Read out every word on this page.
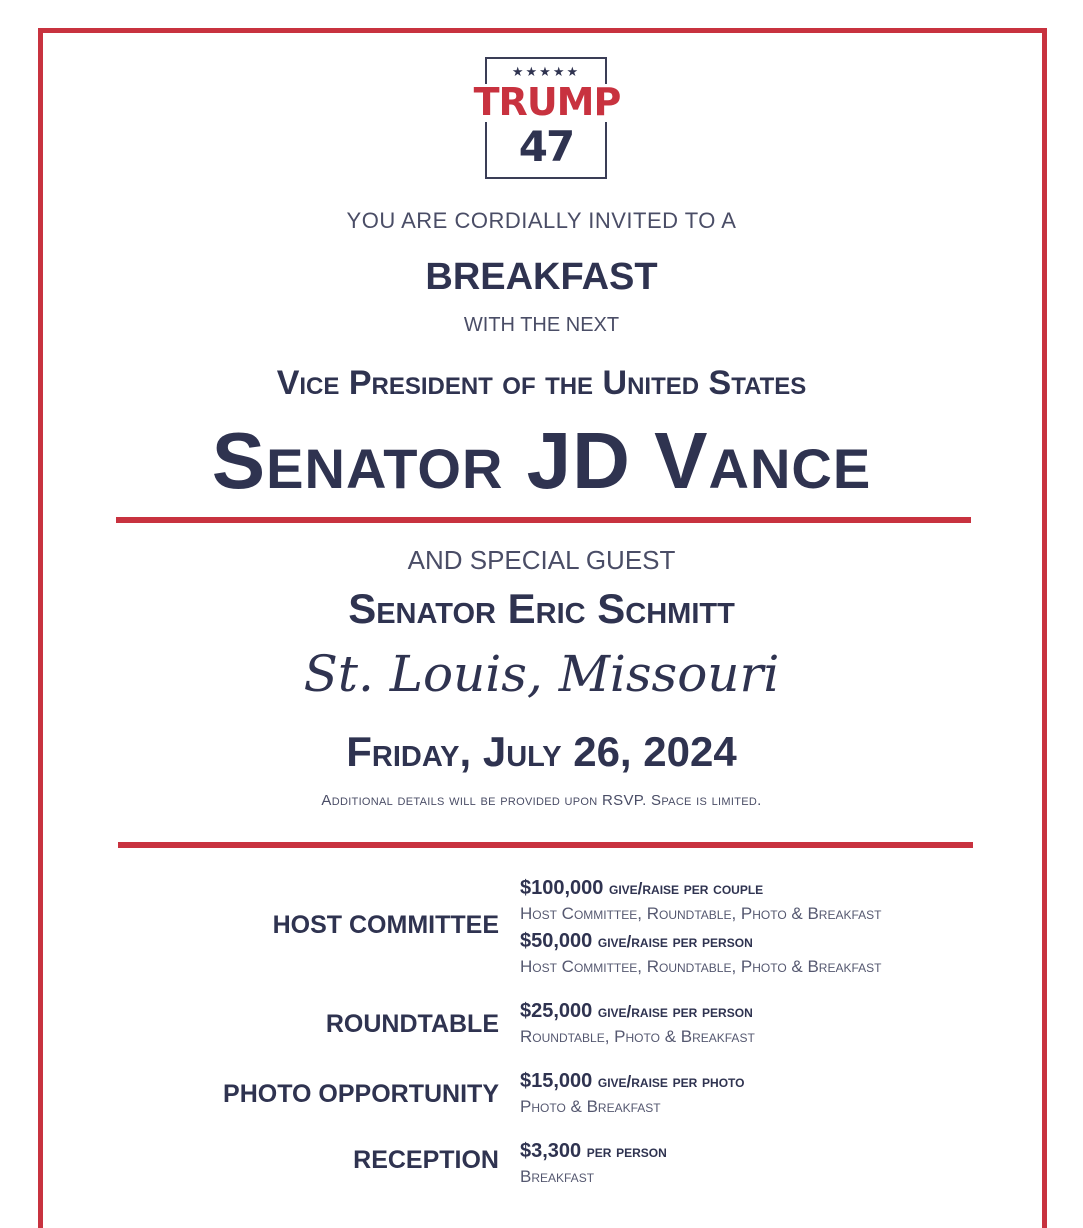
★★★★★
TRUMP
47
YOU ARE CORDIALLY INVITED TO A
BREAKFAST
WITH THE NEXT
Vice President of the United States
Senator JD Vance
AND SPECIAL GUEST
Senator Eric Schmitt
St. Louis, Missouri
Friday, July 26, 2024
Additional details will be provided upon RSVP. Space is limited.
HOST COMMITTEE
$100,000 give/raise per couple
Host Committee, Roundtable, Photo & Breakfast
$50,000 give/raise per person
Host Committee, Roundtable, Photo & Breakfast
ROUNDTABLE $25,000 give/raise per person
Roundtable, Photo & Breakfast
PHOTO OPPORTUNITY $15,000 give/raise per photo
Photo & Breakfast
RECEPTION $3,300 per person
Breakfast
